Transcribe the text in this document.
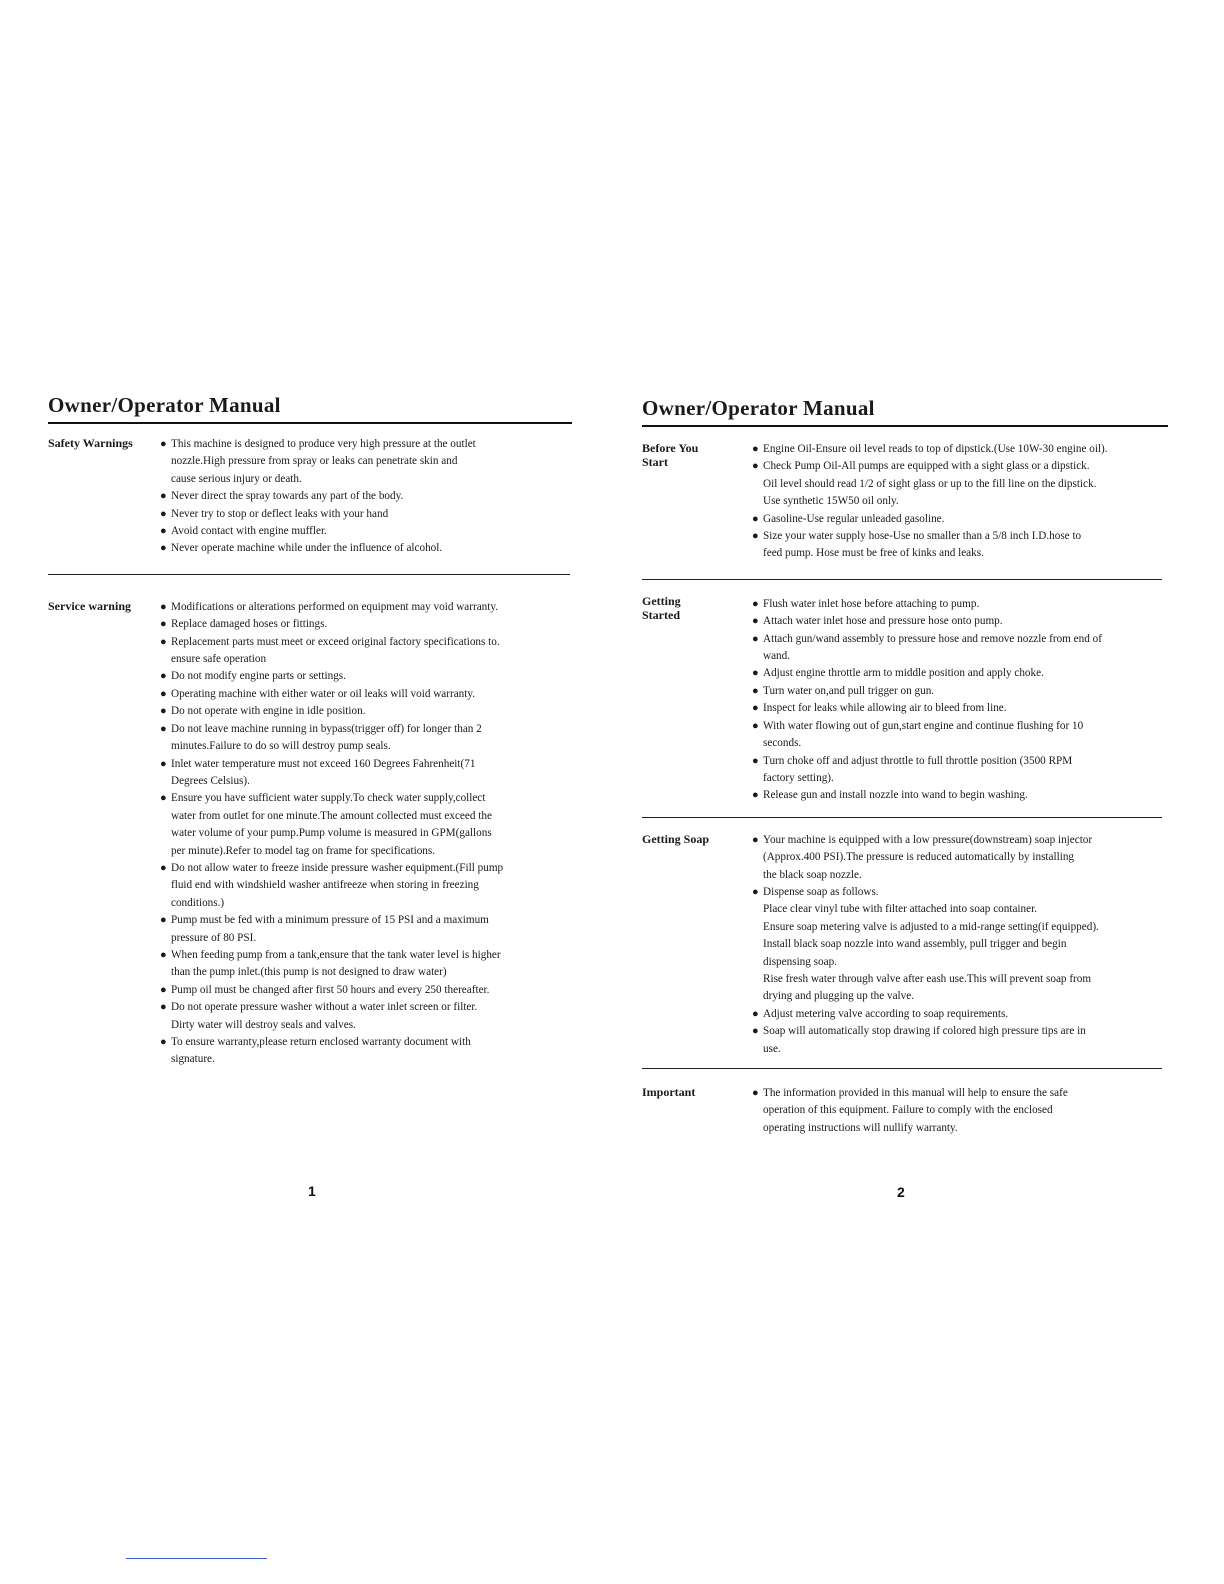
Owner/Operator Manual
Safety Warnings	● This machine is designed to produce very high pressure at the outlet
nozzle.High pressure from spray or leaks can penetrate skin and
cause serious injury or death.
● Never direct the spray towards any part of the body.
● Never try to stop or deflect leaks with your hand
● Avoid contact with engine muffler.
● Never operate machine while under the influence of alcohol.
Service warning	● Modifications or alterations performed on equipment may void warranty.
● Replace damaged hoses or fittings.
● Replacement parts must meet or exceed original factory specifications to.
ensure safe operation
● Do not modify engine parts or settings.
● Operating machine with either water or oil leaks will void warranty.
● Do not operate with engine in idle position.
● Do not leave machine running in bypass(trigger off) for longer than 2
minutes.Failure to do so will destroy pump seals.
● Inlet water temperature must not exceed 160 Degrees Fahrenheit(71
Degrees Celsius).
● Ensure you have sufficient water supply.To check water supply,collect
water from outlet for one minute.The amount collected must exceed the
water volume of your pump.Pump volume is measured in GPM(gallons
per minute).Refer to model tag on frame for specifications.
● Do not allow water to freeze inside pressure washer equipment.(Fill pump
fluid end with windshield washer antifreeze when storing in freezing
conditions.)
● Pump must be fed with a minimum pressure of 15 PSI and a maximum
pressure of 80 PSI.
● When feeding pump from a tank,ensure that the tank water level is higher
than the pump inlet.(this pump is not designed to draw water)
● Pump oil must be changed after first 50 hours and every 250 thereafter.
● Do not operate pressure washer without a water inlet screen or filter.
Dirty water will destroy seals and valves.
● To ensure warranty,please return enclosed warranty document with
signature.
Owner/Operator Manual
Before You
Start
● Engine Oil-Ensure oil level reads to top of dipstick.(Use 10W-30 engine oil).
● Check Pump Oil-All pumps are equipped with a sight glass or a dipstick.
Oil level should read 1/2 of sight glass or up to the fill line on the dipstick.
Use synthetic 15W50 oil only.
● Gasoline-Use regular unleaded gasoline.
● Size your water supply hose-Use no smaller than a 5/8 inch I.D.hose to
feed pump. Hose must be free of kinks and leaks.
Getting
Started
● Flush water inlet hose before attaching to pump.
● Attach water inlet hose and pressure hose onto pump.
● Attach gun/wand assembly to pressure hose and remove nozzle from end of
wand.
● Adjust engine throttle arm to middle position and apply choke.
● Turn water on,and pull trigger on gun.
● Inspect for leaks while allowing air to bleed from line.
● With water flowing out of gun,start engine and continue flushing for 10
seconds.
● Turn choke off and adjust throttle to full throttle position (3500 RPM
factory setting).
● Release gun and install nozzle into wand to begin washing.
Getting Soap	● Your machine is equipped with a low pressure(downstream) soap injector
(Approx.400 PSI).The pressure is reduced automatically by installing
the black soap nozzle.
● Dispense soap as follows.
Place clear vinyl tube with filter attached into soap container.
Ensure soap metering valve is adjusted to a mid-range setting(if equipped).
Install black soap nozzle into wand assembly, pull trigger and begin
dispensing soap.
Rise fresh water through valve after eash use.This will prevent soap from
drying and plugging up the valve.
● Adjust metering valve according to soap requirements.
● Soap will automatically stop drawing if colored high pressure tips are in
use.
Important	● The information provided in this manual will help to ensure the safe
operation of this equipment. Failure to comply with the enclosed
operating instructions will nullify warranty.
1	2
